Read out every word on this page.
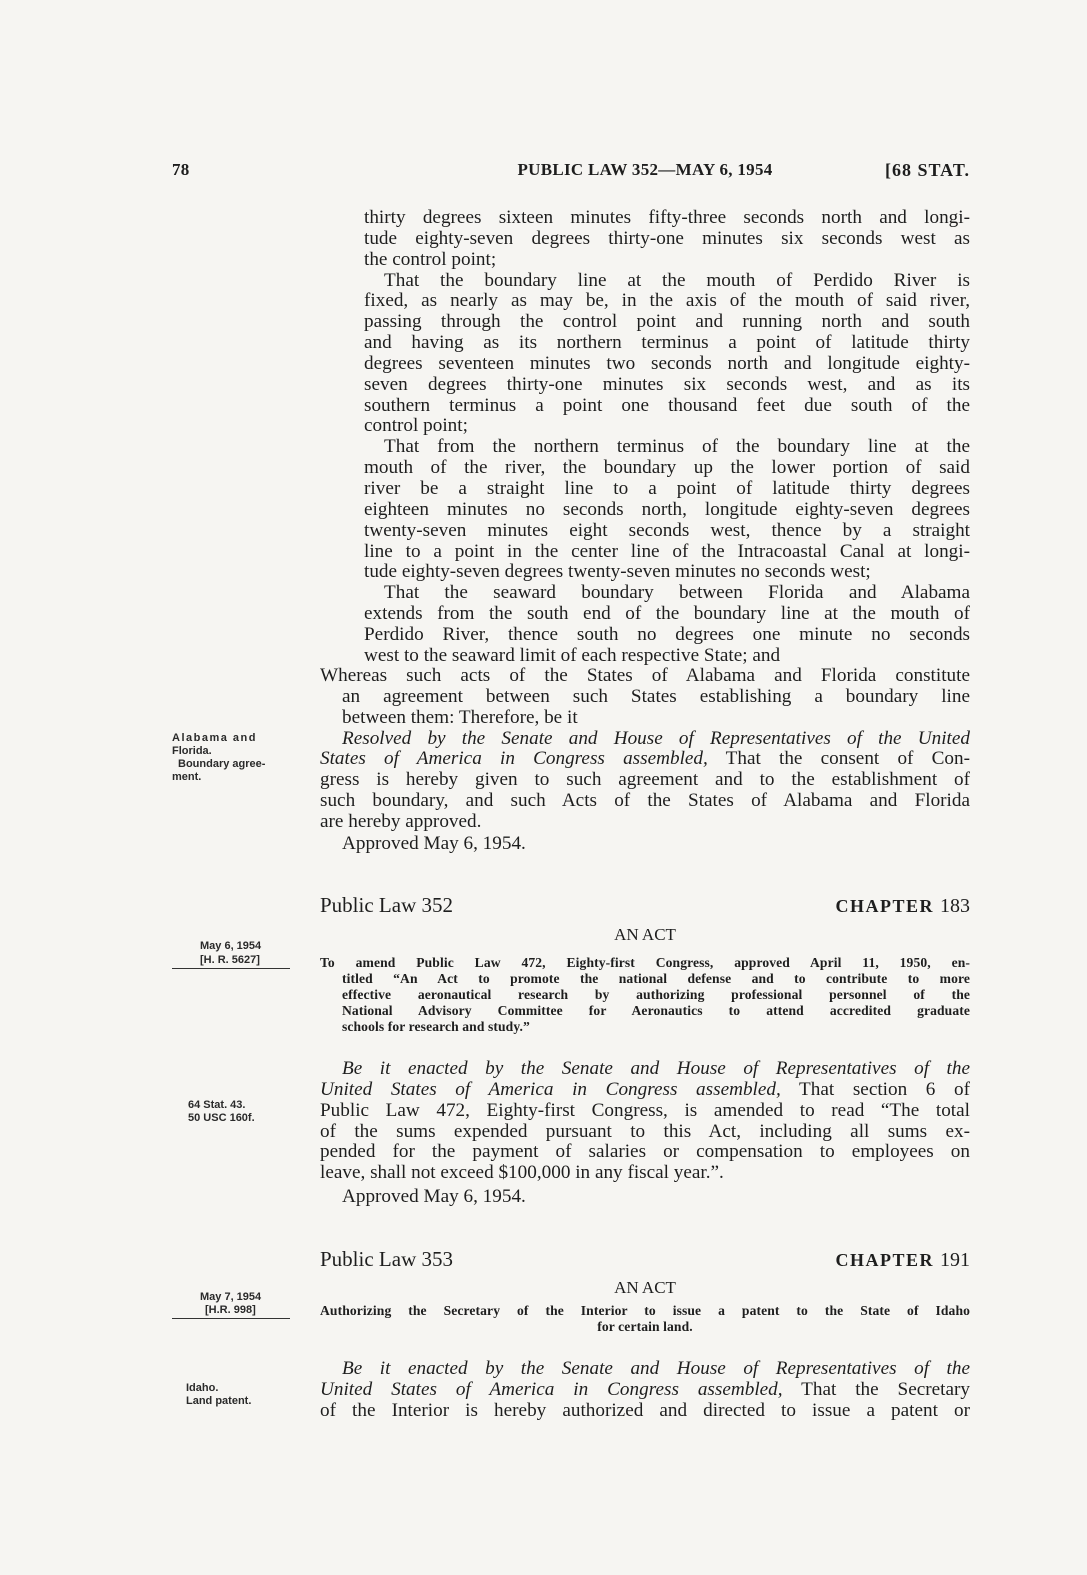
78	PUBLIC LAW 352—MAY 6, 1954	[68 STAT.
thirty degrees sixteen minutes fifty-three seconds north and longi-
tude eighty-seven degrees thirty-one minutes six seconds west as
the control point;
That the boundary line at the mouth of Perdido River is
fixed, as nearly as may be, in the axis of the mouth of said river,
passing through the control point and running north and south
and having as its northern terminus a point of latitude thirty
degrees seventeen minutes two seconds north and longitude eighty-
seven degrees thirty-one minutes six seconds west, and as its
southern terminus a point one thousand feet due south of the
control point;
That from the northern terminus of the boundary line at the
mouth of the river, the boundary up the lower portion of said
river be a straight line to a point of latitude thirty degrees
eighteen minutes no seconds north, longitude eighty-seven degrees
twenty-seven minutes eight seconds west, thence by a straight
line to a point in the center line of the Intracoastal Canal at longi-
tude eighty-seven degrees twenty-seven minutes no seconds west;
That the seaward boundary between Florida and Alabama
extends from the south end of the boundary line at the mouth of
Perdido River, thence south no degrees one minute no seconds
west to the seaward limit of each respective State; and
Whereas such acts of the States of Alabama and Florida constitute
an agreement between such States establishing a boundary line
between them: Therefore, be it
Resolved by the Senate and House of Representatives of the United
States of America in Congress assembled, That the consent of Con-
gress is hereby given to such agreement and to the establishment of
such boundary, and such Acts of the States of Alabama and Florida
are hereby approved.
Approved May 6, 1954.
Alabama and
Florida.
Boundary agree-
ment.
May 6, 1954
[H. R. 5627]
64 Stat. 43.
50 USC 160f.
May 7, 1954
[H.R. 998]
Idaho.
Land patent.
Public Law 352	CHAPTER 183
AN ACT
To amend Public Law 472, Eighty-first Congress, approved April 11, 1950, en-
titled “An Act to promote the national defense and to contribute to more
effective aeronautical research by authorizing professional personnel of the
National Advisory Committee for Aeronautics to attend accredited graduate
schools for research and study.”
Be it enacted by the Senate and House of Representatives of the
United States of America in Congress assembled, That section 6 of
Public Law 472, Eighty-first Congress, is amended to read “The total
of the sums expended pursuant to this Act, including all sums ex-
pended for the payment of salaries or compensation to employees on
leave, shall not exceed $100,000 in any fiscal year.”.
Approved May 6, 1954.
Public Law 353	CHAPTER 191
AN ACT
Authorizing the Secretary of the Interior to issue a patent to the State of Idaho
for certain land.
Be it enacted by the Senate and House of Representatives of the
United States of America in Congress assembled, That the Secretary
of the Interior is hereby authorized and directed to issue a patent or
